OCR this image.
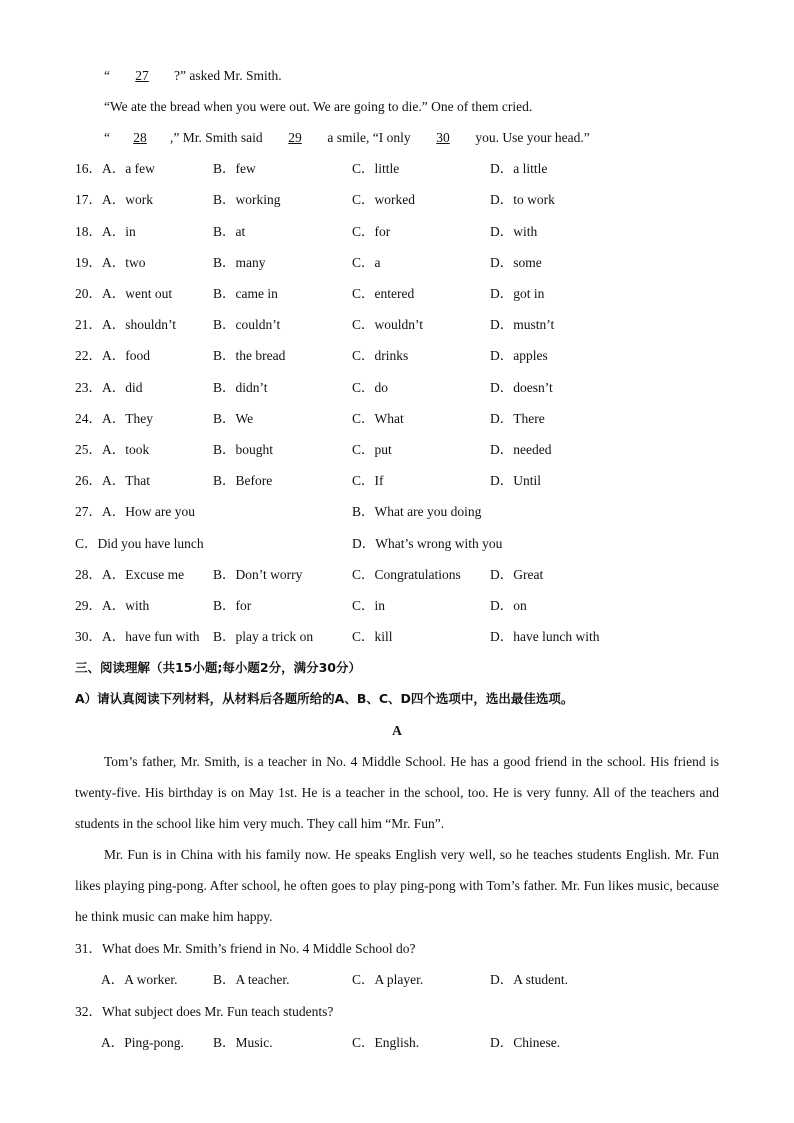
“ 27 ?” asked Mr. Smith.
“We ate the bread when you were out. We are going to die.” One of them cried.
“ 28 ,” Mr. Smith said 29 a smile, “I only 30 you. Use your head.”
16．A．a few	B．few	C．little	D．a little
17．A．work	B．working	C．worked	D．to work
18．A．in	B．at	C．for	D．with
19．A．two	B．many	C．a	D．some
20．A．went out	B．came in	C．entered	D．got in
21．A．shouldn’t	B．couldn’t	C．wouldn’t	D．mustn’t
22．A．food	B．the bread	C．drinks	D．apples
23．A．did	B．didn’t	C．do	D．doesn’t
24．A．They	B．We	C．What	D．There
25．A．took	B．bought	C．put	D．needed
26．A．That	B．Before	C．If	D．Until
27．A．How are you	B．What are you doing
C．Did you have lunch	D．What’s wrong with you
28．A．Excuse me B．Don’t worry	C．Congratulations D．Great
29．A．with	B．for	C．in	D．on
30．A．have fun with B．play a trick on	C．kill	D．have lunch with
三、阅读理解（共15小题;每小题2分，满分30分）
A）请认真阅读下列材料，从材料后各题所给的A、B、C、D四个选项中，选出最佳选项。
A

Tom’s father, Mr. Smith, is a teacher in No. 4 Middle School. He has a good friend in the school. His friend is twenty-five. His birthday is on May 1st. He is a teacher in the school, too. He is very funny. All of the teachers and students in the school like him very much. They call him “Mr. Fun”.

Mr. Fun is in China with his family now. He speaks English very well, so he teaches students English. Mr. Fun likes playing ping-pong. After school, he often goes to play ping-pong with Tom’s father. Mr. Fun likes music, because he think music can make him happy.

31．What does Mr. Smith’s friend in No. 4 Middle School do?
A．A worker.	B．A teacher.	C．A player.	D．A student.
32．What subject does Mr. Fun teach students?
A．Ping-pong. B．Music.	C．English.	D．Chinese.
